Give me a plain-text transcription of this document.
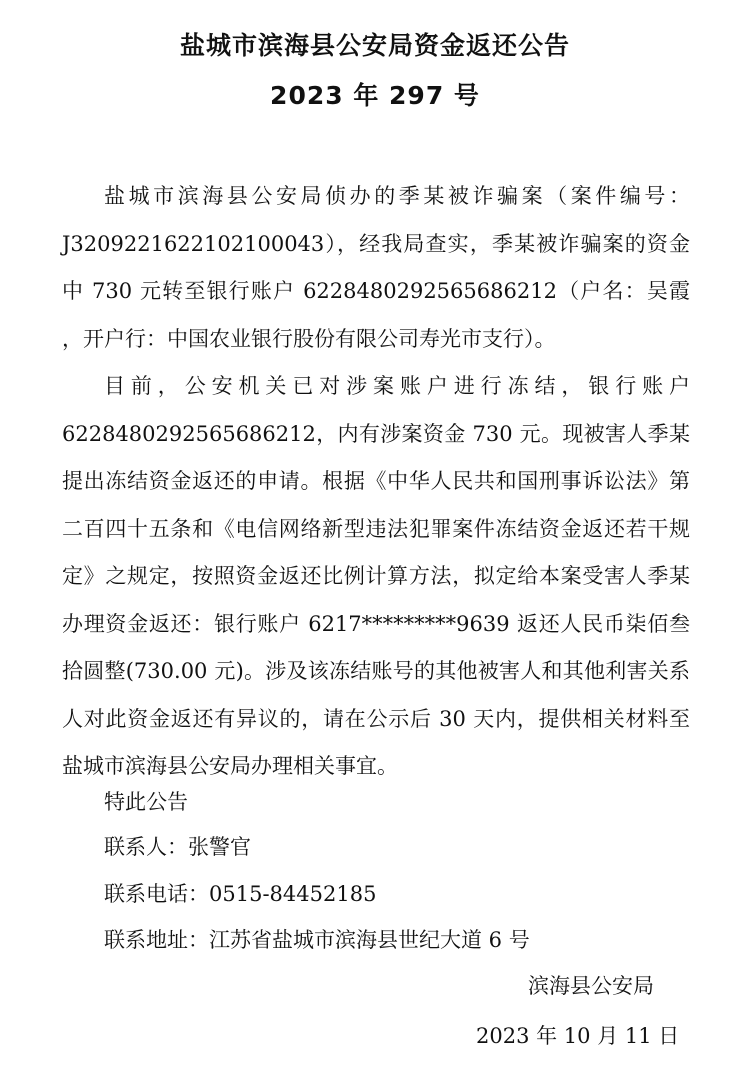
盐城市滨海县公安局资金返还公告
2023 年 297 号

盐城市滨海县公安局侦办的季某被诈骗案（案件编号：J3209221622102100043），经我局查实，季某被诈骗案的资金中 730 元转至银行账户 6228480292565686212（户名：吴霞 ，开户行：中国农业银行股份有限公司寿光市支行）。

目前，公安机关已对涉案账户进行冻结，银行账户 6228480292565686212，内有涉案资金 730 元。现被害人季某提出冻结资金返还的申请。根据《中华人民共和国刑事诉讼法》第二百四十五条和《电信网络新型违法犯罪案件冻结资金返还若干规定》之规定，按照资金返还比例计算方法，拟定给本案受害人季某办理资金返还：银行账户 6217*********9639 返还人民币柒佰叁拾圆整(730.00 元)。涉及该冻结账号的其他被害人和其他利害关系人对此资金返还有异议的，请在公示后 30 天内，提供相关材料至盐城市滨海县公安局办理相关事宜。

特此公告
联系人：张警官
联系电话：0515-84452185
联系地址：江苏省盐城市滨海县世纪大道 6 号
滨海县公安局
2023 年 10 月 11 日
